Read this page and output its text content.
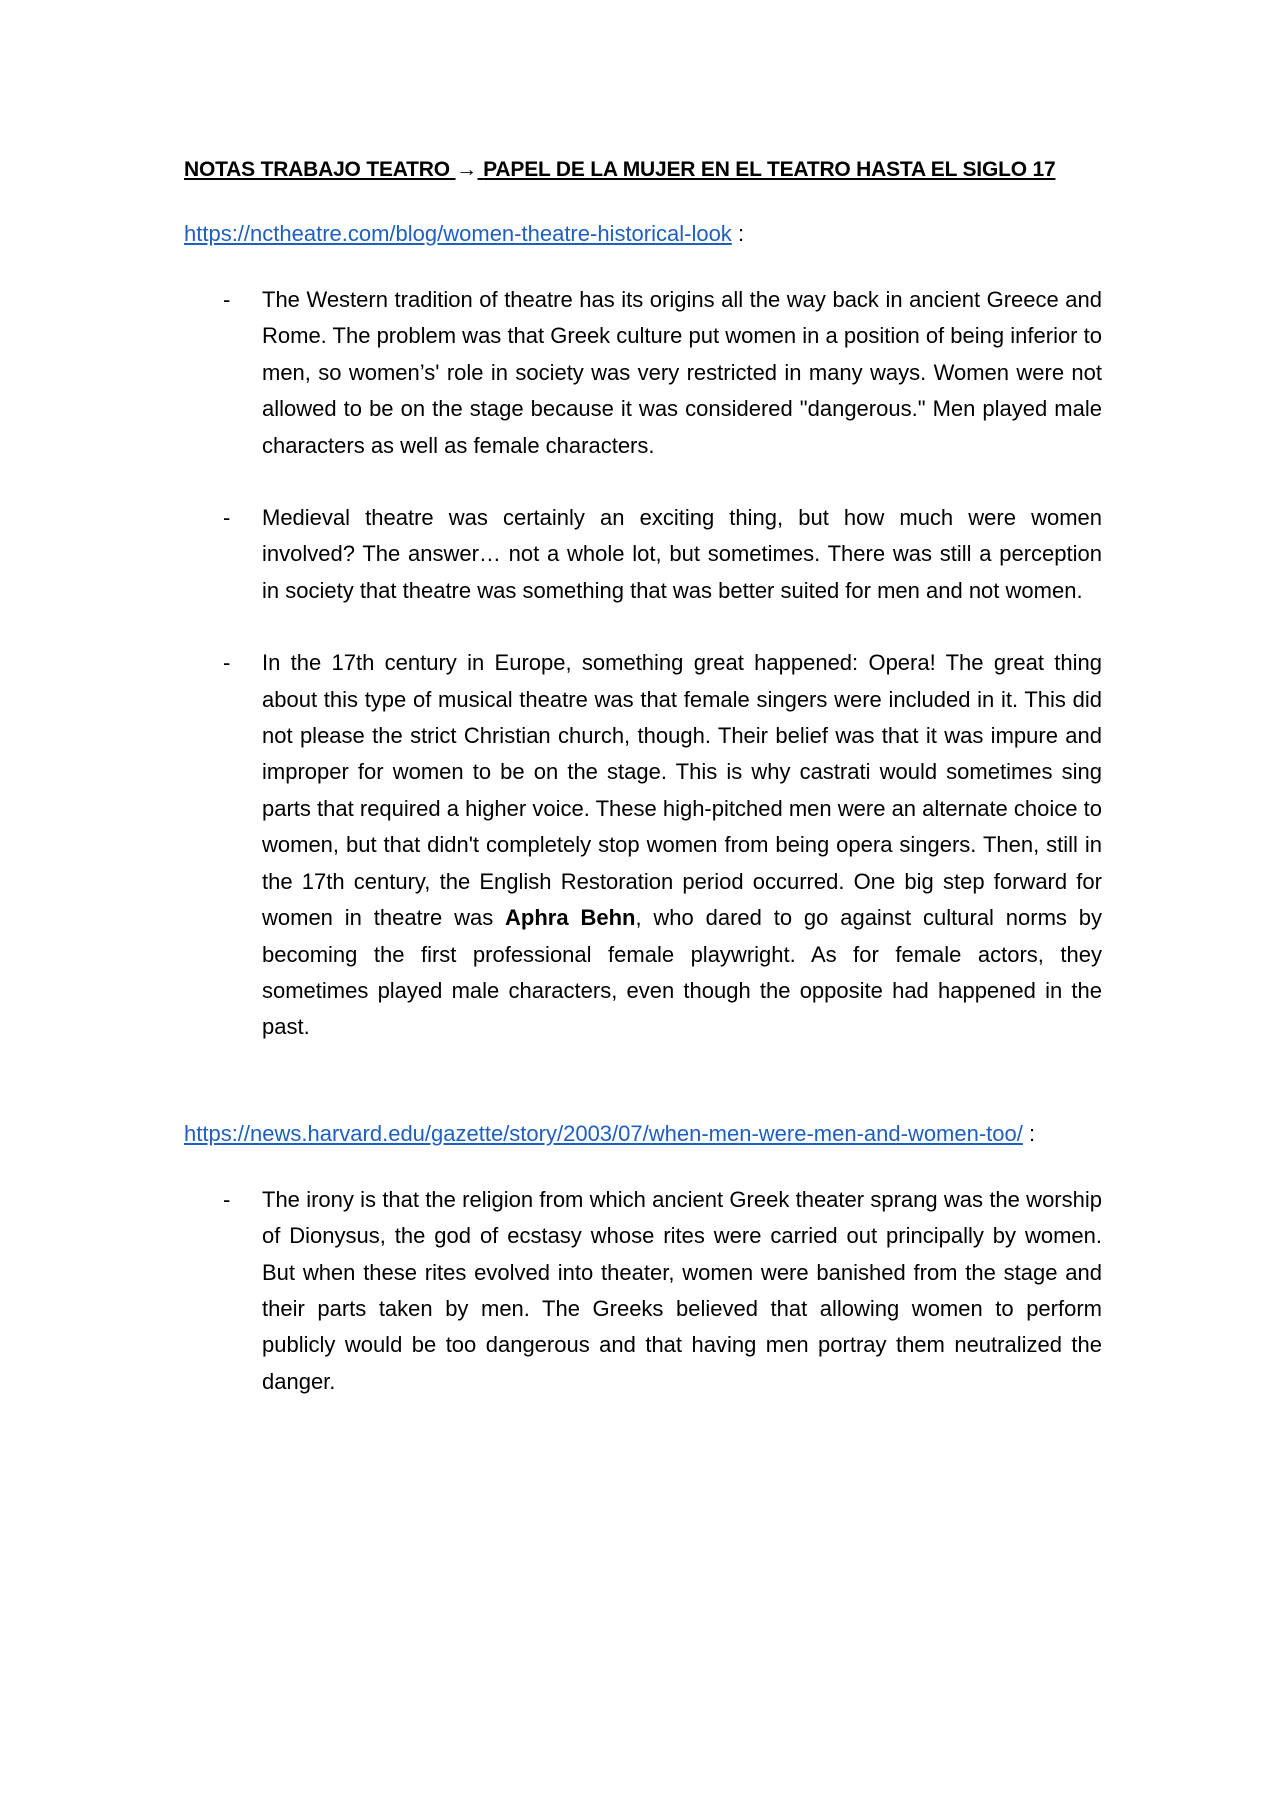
NOTAS TRABAJO TEATRO → PAPEL DE LA MUJER EN EL TEATRO HASTA EL SIGLO 17
https://nctheatre.com/blog/women-theatre-historical-look :
- The Western tradition of theatre has its origins all the way back in ancient Greece and Rome. The problem was that Greek culture put women in a position of being inferior to men, so women’s' role in society was very restricted in many ways. Women were not allowed to be on the stage because it was considered "dangerous." Men played male characters as well as female characters.
- Medieval theatre was certainly an exciting thing, but how much were women involved? The answer… not a whole lot, but sometimes. There was still a perception in society that theatre was something that was better suited for men and not women.
- In the 17th century in Europe, something great happened: Opera! The great thing about this type of musical theatre was that female singers were included in it. This did not please the strict Christian church, though. Their belief was that it was impure and improper for women to be on the stage. This is why castrati would sometimes sing parts that required a higher voice. These high-pitched men were an alternate choice to women, but that didn't completely stop women from being opera singers. Then, still in the 17th century, the English Restoration period occurred. One big step forward for women in theatre was Aphra Behn, who dared to go against cultural norms by becoming the first professional female playwright. As for female actors, they sometimes played male characters, even though the opposite had happened in the past.
https://news.harvard.edu/gazette/story/2003/07/when-men-were-men-and-women-too/ :
- The irony is that the religion from which ancient Greek theater sprang was the worship of Dionysus, the god of ecstasy whose rites were carried out principally by women. But when these rites evolved into theater, women were banished from the stage and their parts taken by men. The Greeks believed that allowing women to perform publicly would be too dangerous and that having men portray them neutralized the danger.
